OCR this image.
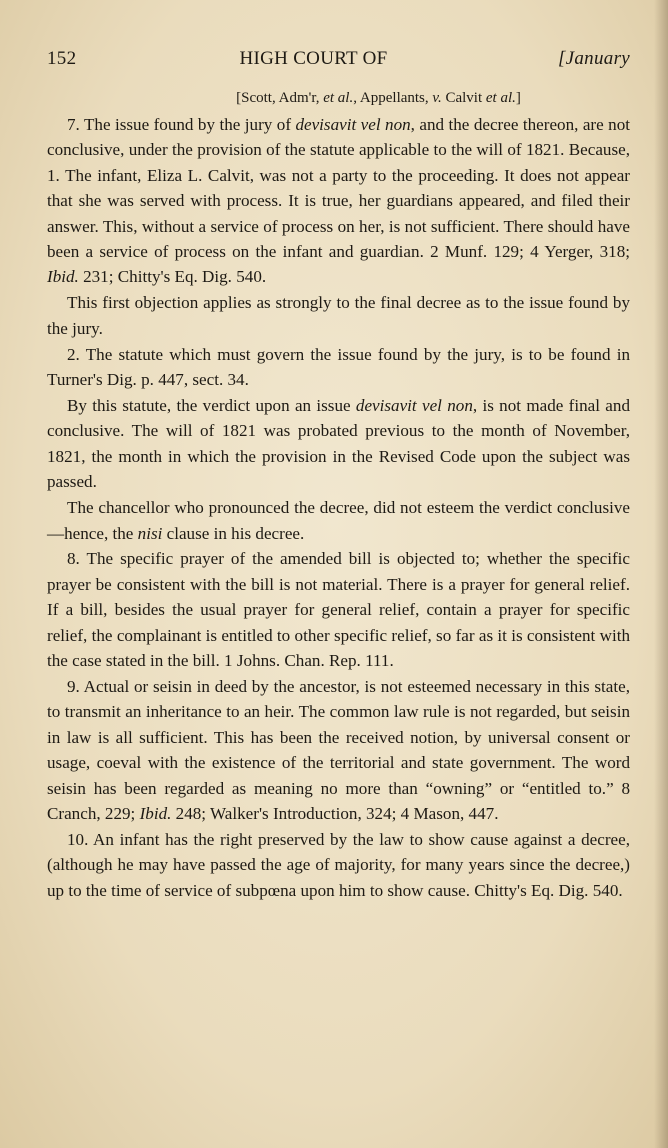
152	HIGH COURT OF	[January
[Scott, Adm'r, et al., Appellants, v. Calvit et al.]

7. The issue found by the jury of devisavit vel non, and the decree thereon, are not conclusive, under the provision of the statute applicable to the will of 1821. Because, 1. The infant, Eliza L. Calvit, was not a party to the proceeding. It does not appear that she was served with process. It is true, her guardians appeared, and filed their answer. This, without a service of process on her, is not sufficient. There should have been a service of process on the infant and guardian. 2 Munf. 129; 4 Yerger, 318; Ibid. 231; Chitty's Eq. Dig. 540.

This first objection applies as strongly to the final decree as to the issue found by the jury.

2. The statute which must govern the issue found by the jury, is to be found in Turner's Dig. p. 447, sect. 34.

By this statute, the verdict upon an issue devisavit vel non, is not made final and conclusive. The will of 1821 was probated previous to the month of November, 1821, the month in which the provision in the Revised Code upon the subject was passed.

The chancellor who pronounced the decree, did not esteem the verdict conclusive—hence, the nisi clause in his decree.

8. The specific prayer of the amended bill is objected to; whether the specific prayer be consistent with the bill is not material. There is a prayer for general relief. If a bill, besides the usual prayer for general relief, contain a prayer for specific relief, the complainant is entitled to other specific relief, so far as it is consistent with the case stated in the bill. 1 Johns. Chan. Rep. 111.

9. Actual or seisin in deed by the ancestor, is not esteemed necessary in this state, to transmit an inheritance to an heir. The common law rule is not regarded, but seisin in law is all sufficient. This has been the received notion, by universal consent or usage, coeval with the existence of the territorial and state government. The word seisin has been regarded as meaning no more than “owning” or “entitled to.” 8 Cranch, 229; Ibid. 248; Walker's Introduction, 324; 4 Mason, 447.

10. An infant has the right preserved by the law to show cause against a decree, (although he may have passed the age of majority, for many years since the decree,) up to the time of service of subpœna upon him to show cause. Chitty's Eq. Dig. 540.
